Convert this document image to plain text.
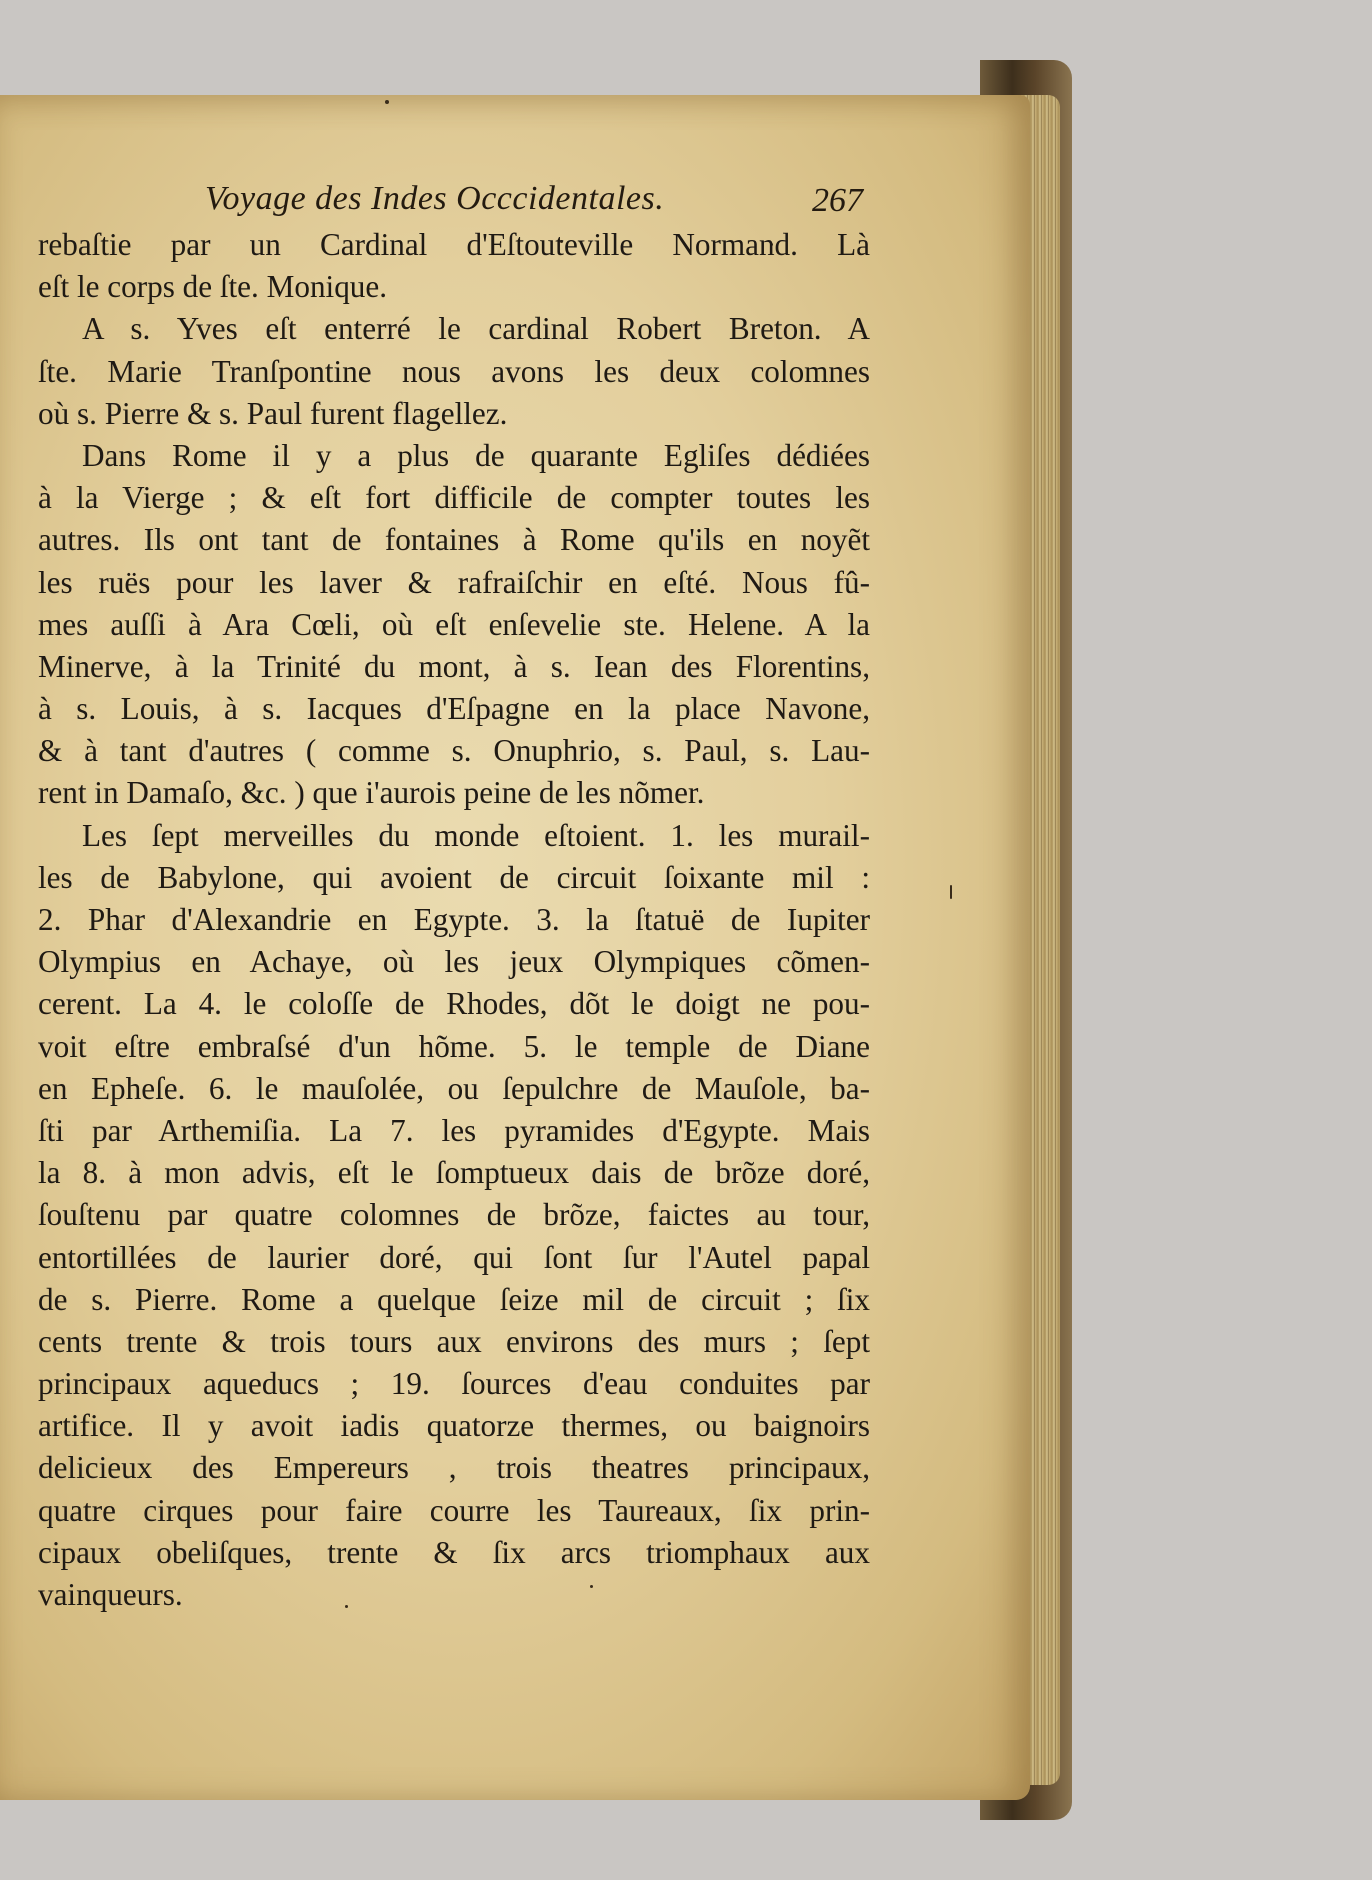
Voyage des Indes Occcidentales.	267
rebaſtie par un Cardinal d'Eſtouteville Normand. Là
eſt le corps de ſte. Monique.
A s. Yves eſt enterré le cardinal Robert Breton. A
ſte. Marie Tranſpontine nous avons les deux colomnes
où s. Pierre & s. Paul furent flagellez.
Dans Rome il y a plus de quarante Egliſes dédiées
à la Vierge ; & eſt fort difficile de compter toutes les
autres. Ils ont tant de fontaines à Rome qu'ils en noyẽt
les ruës pour les laver & rafraiſchir en eſté. Nous fû-
mes auſſi à Ara Cœli, où eſt enſevelie ste. Helene. A la
Minerve, à la Trinité du mont, à s. Iean des Florentins,
à s. Louis, à s. Iacques d'Eſpagne en la place Navone,
& à tant d'autres ( comme s. Onuphrio, s. Paul, s. Lau-
rent in Damaſo, &c. ) que i'aurois peine de les nõmer.
Les ſept merveilles du monde eſtoient. 1. les murail-
les de Babylone, qui avoient de circuit ſoixante mil :
2. Phar d'Alexandrie en Egypte. 3. la ſtatuë de Iupiter
Olympius en Achaye, où les jeux Olympiques cõmen-
cerent. La 4. le coloſſe de Rhodes, dõt le doigt ne pou-
voit eſtre embraſsé d'un hõme. 5. le temple de Diane
en Epheſe. 6. le mauſolée, ou ſepulchre de Mauſole, ba-
ſti par Arthemiſia. La 7. les pyramides d'Egypte. Mais
la 8. à mon advis, eſt le ſomptueux dais de brõze doré,
ſouſtenu par quatre colomnes de brõze, faictes au tour,
entortillées de laurier doré, qui ſont ſur l'Autel papal
de s. Pierre. Rome a quelque ſeize mil de circuit ; ſix
cents trente & trois tours aux environs des murs ; ſept
principaux aqueducs ; 19. ſources d'eau conduites par
artifice. Il y avoit iadis quatorze thermes, ou baignoirs
delicieux des Empereurs , trois theatres principaux,
quatre cirques pour faire courre les Taureaux, ſix prin-
cipaux obeliſques, trente & ſix arcs triomphaux aux
vainqueurs.
